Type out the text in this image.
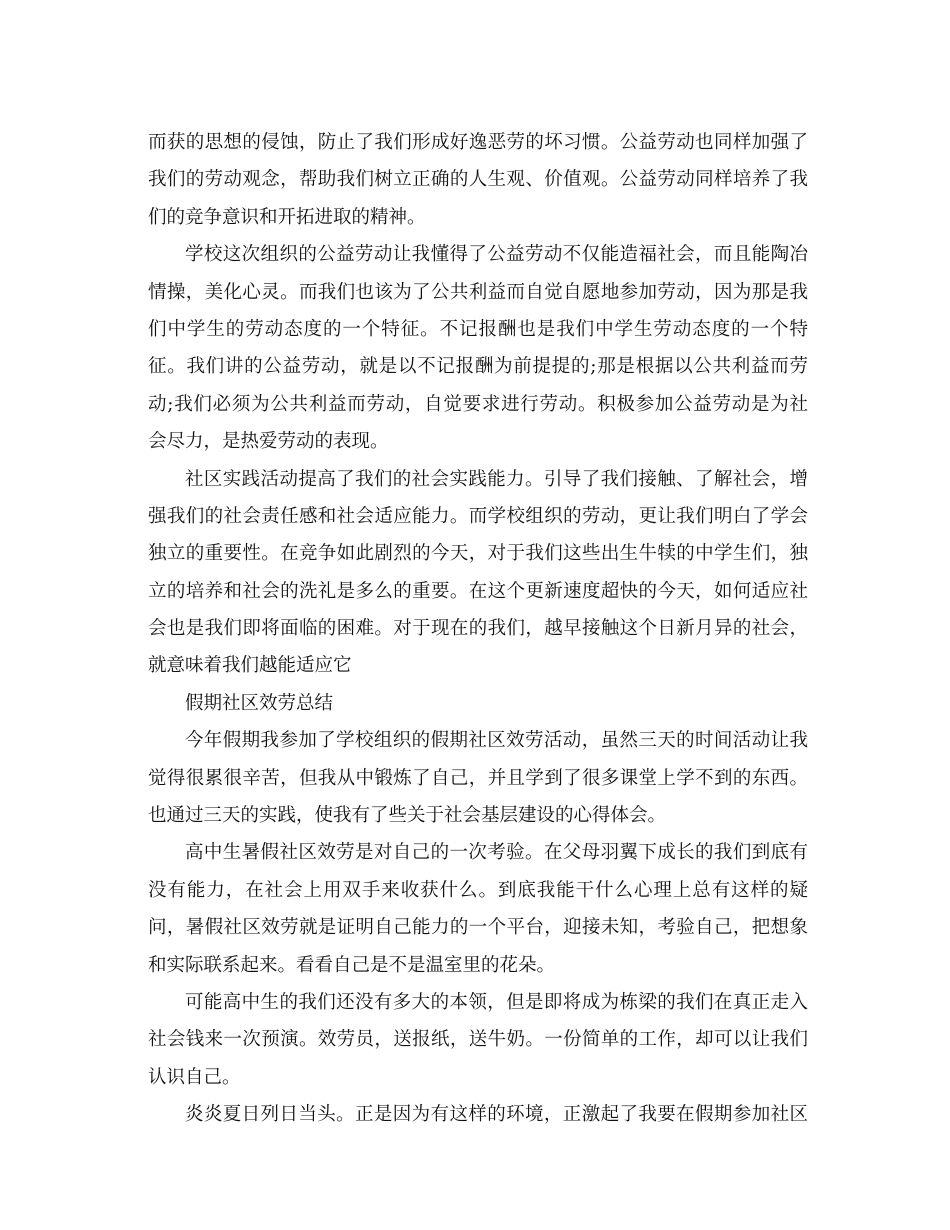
而获的思想的侵蚀，防止了我们形成好逸恶劳的坏习惯。公益劳动也同样加强了
我们的劳动观念，帮助我们树立正确的人生观、价值观。公益劳动同样培养了我
们的竞争意识和开拓进取的精神。
学校这次组织的公益劳动让我懂得了公益劳动不仅能造福社会，而且能陶冶
情操，美化心灵。而我们也该为了公共利益而自觉自愿地参加劳动，因为那是我
们中学生的劳动态度的一个特征。不记报酬也是我们中学生劳动态度的一个特
征。我们讲的公益劳动，就是以不记报酬为前提提的;那是根据以公共利益而劳
动;我们必须为公共利益而劳动，自觉要求进行劳动。积极参加公益劳动是为社
会尽力，是热爱劳动的表现。
社区实践活动提高了我们的社会实践能力。引导了我们接触、了解社会，增
强我们的社会责任感和社会适应能力。而学校组织的劳动，更让我们明白了学会
独立的重要性。在竞争如此剧烈的今天，对于我们这些出生牛犊的中学生们，独
立的培养和社会的洗礼是多么的重要。在这个更新速度超快的今天，如何适应社
会也是我们即将面临的困难。对于现在的我们，越早接触这个日新月异的社会，
就意味着我们越能适应它
假期社区效劳总结
今年假期我参加了学校组织的假期社区效劳活动，虽然三天的时间活动让我
觉得很累很辛苦，但我从中锻炼了自己，并且学到了很多课堂上学不到的东西。
也通过三天的实践，使我有了些关于社会基层建设的心得体会。
高中生暑假社区效劳是对自己的一次考验。在父母羽翼下成长的我们到底有
没有能力，在社会上用双手来收获什么。到底我能干什么心理上总有这样的疑
问，暑假社区效劳就是证明自己能力的一个平台，迎接未知，考验自己，把想象
和实际联系起来。看看自己是不是温室里的花朵。
可能高中生的我们还没有多大的本领，但是即将成为栋梁的我们在真正走入
社会钱来一次预演。效劳员，送报纸，送牛奶。一份简单的工作，却可以让我们
认识自己。
炎炎夏日列日当头。正是因为有这样的环境，正激起了我要在假期参加社区
